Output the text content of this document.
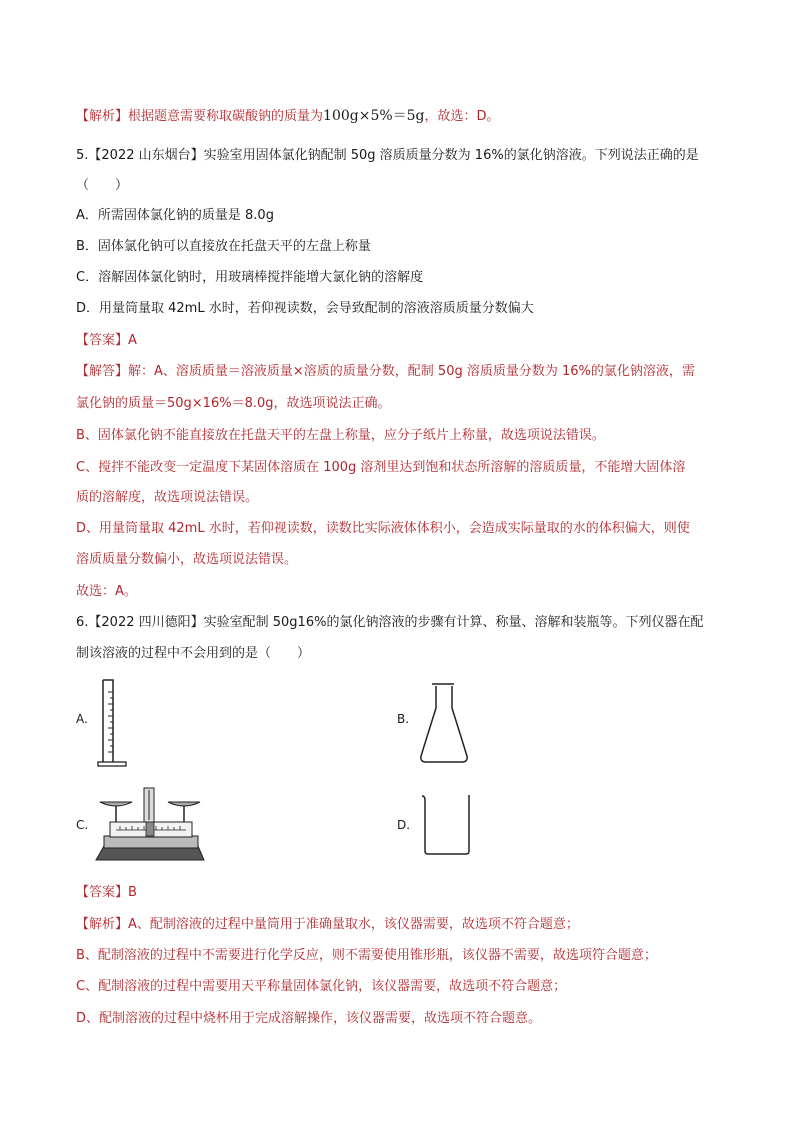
【解析】根据题意需要称取碳酸钠的质量为100g×5%＝5g，故选：D。
5.【2022 山东烟台】实验室用固体氯化钠配制 50g 溶质质量分数为 16%的氯化钠溶液。下列说法正确的是
（　　）
A．所需固体氯化钠的质量是 8.0g
B．固体氯化钠可以直接放在托盘天平的左盘上称量
C．溶解固体氯化钠时，用玻璃棒搅拌能增大氯化钠的溶解度
D．用量筒量取 42mL 水时，若仰视读数，会导致配制的溶液溶质质量分数偏大
【答案】A
【解答】解：A、溶质质量＝溶液质量×溶质的质量分数，配制 50g 溶质质量分数为 16%的氯化钠溶液，需
氯化钠的质量＝50g×16%＝8.0g，故选项说法正确。
B、固体氯化钠不能直接放在托盘天平的左盘上称量，应分子纸片上称量，故选项说法错误。
C、搅拌不能改变一定温度下某固体溶质在 100g 溶剂里达到饱和状态所溶解的溶质质量，不能增大固体溶
质的溶解度，故选项说法错误。
D、用量筒量取 42mL 水时，若仰视读数，读数比实际液体体积小，会造成实际量取的水的体积偏大，则使
溶质质量分数偏小，故选项说法错误。
故选：A。
6.【2022 四川德阳】实验室配制 50g16%的氯化钠溶液的步骤有计算、称量、溶解和装瓶等。下列仪器在配
制该溶液的过程中不会用到的是（　　）
A.	B.
C.	D.
【答案】B
【解析】A、配制溶液的过程中量筒用于准确量取水，该仪器需要，故选项不符合题意；
B、配制溶液的过程中不需要进行化学反应，则不需要使用锥形瓶，该仪器不需要，故选项符合题意；
C、配制溶液的过程中需要用天平称量固体氯化钠，该仪器需要，故选项不符合题意；
D、配制溶液的过程中烧杯用于完成溶解操作，该仪器需要，故选项不符合题意。
